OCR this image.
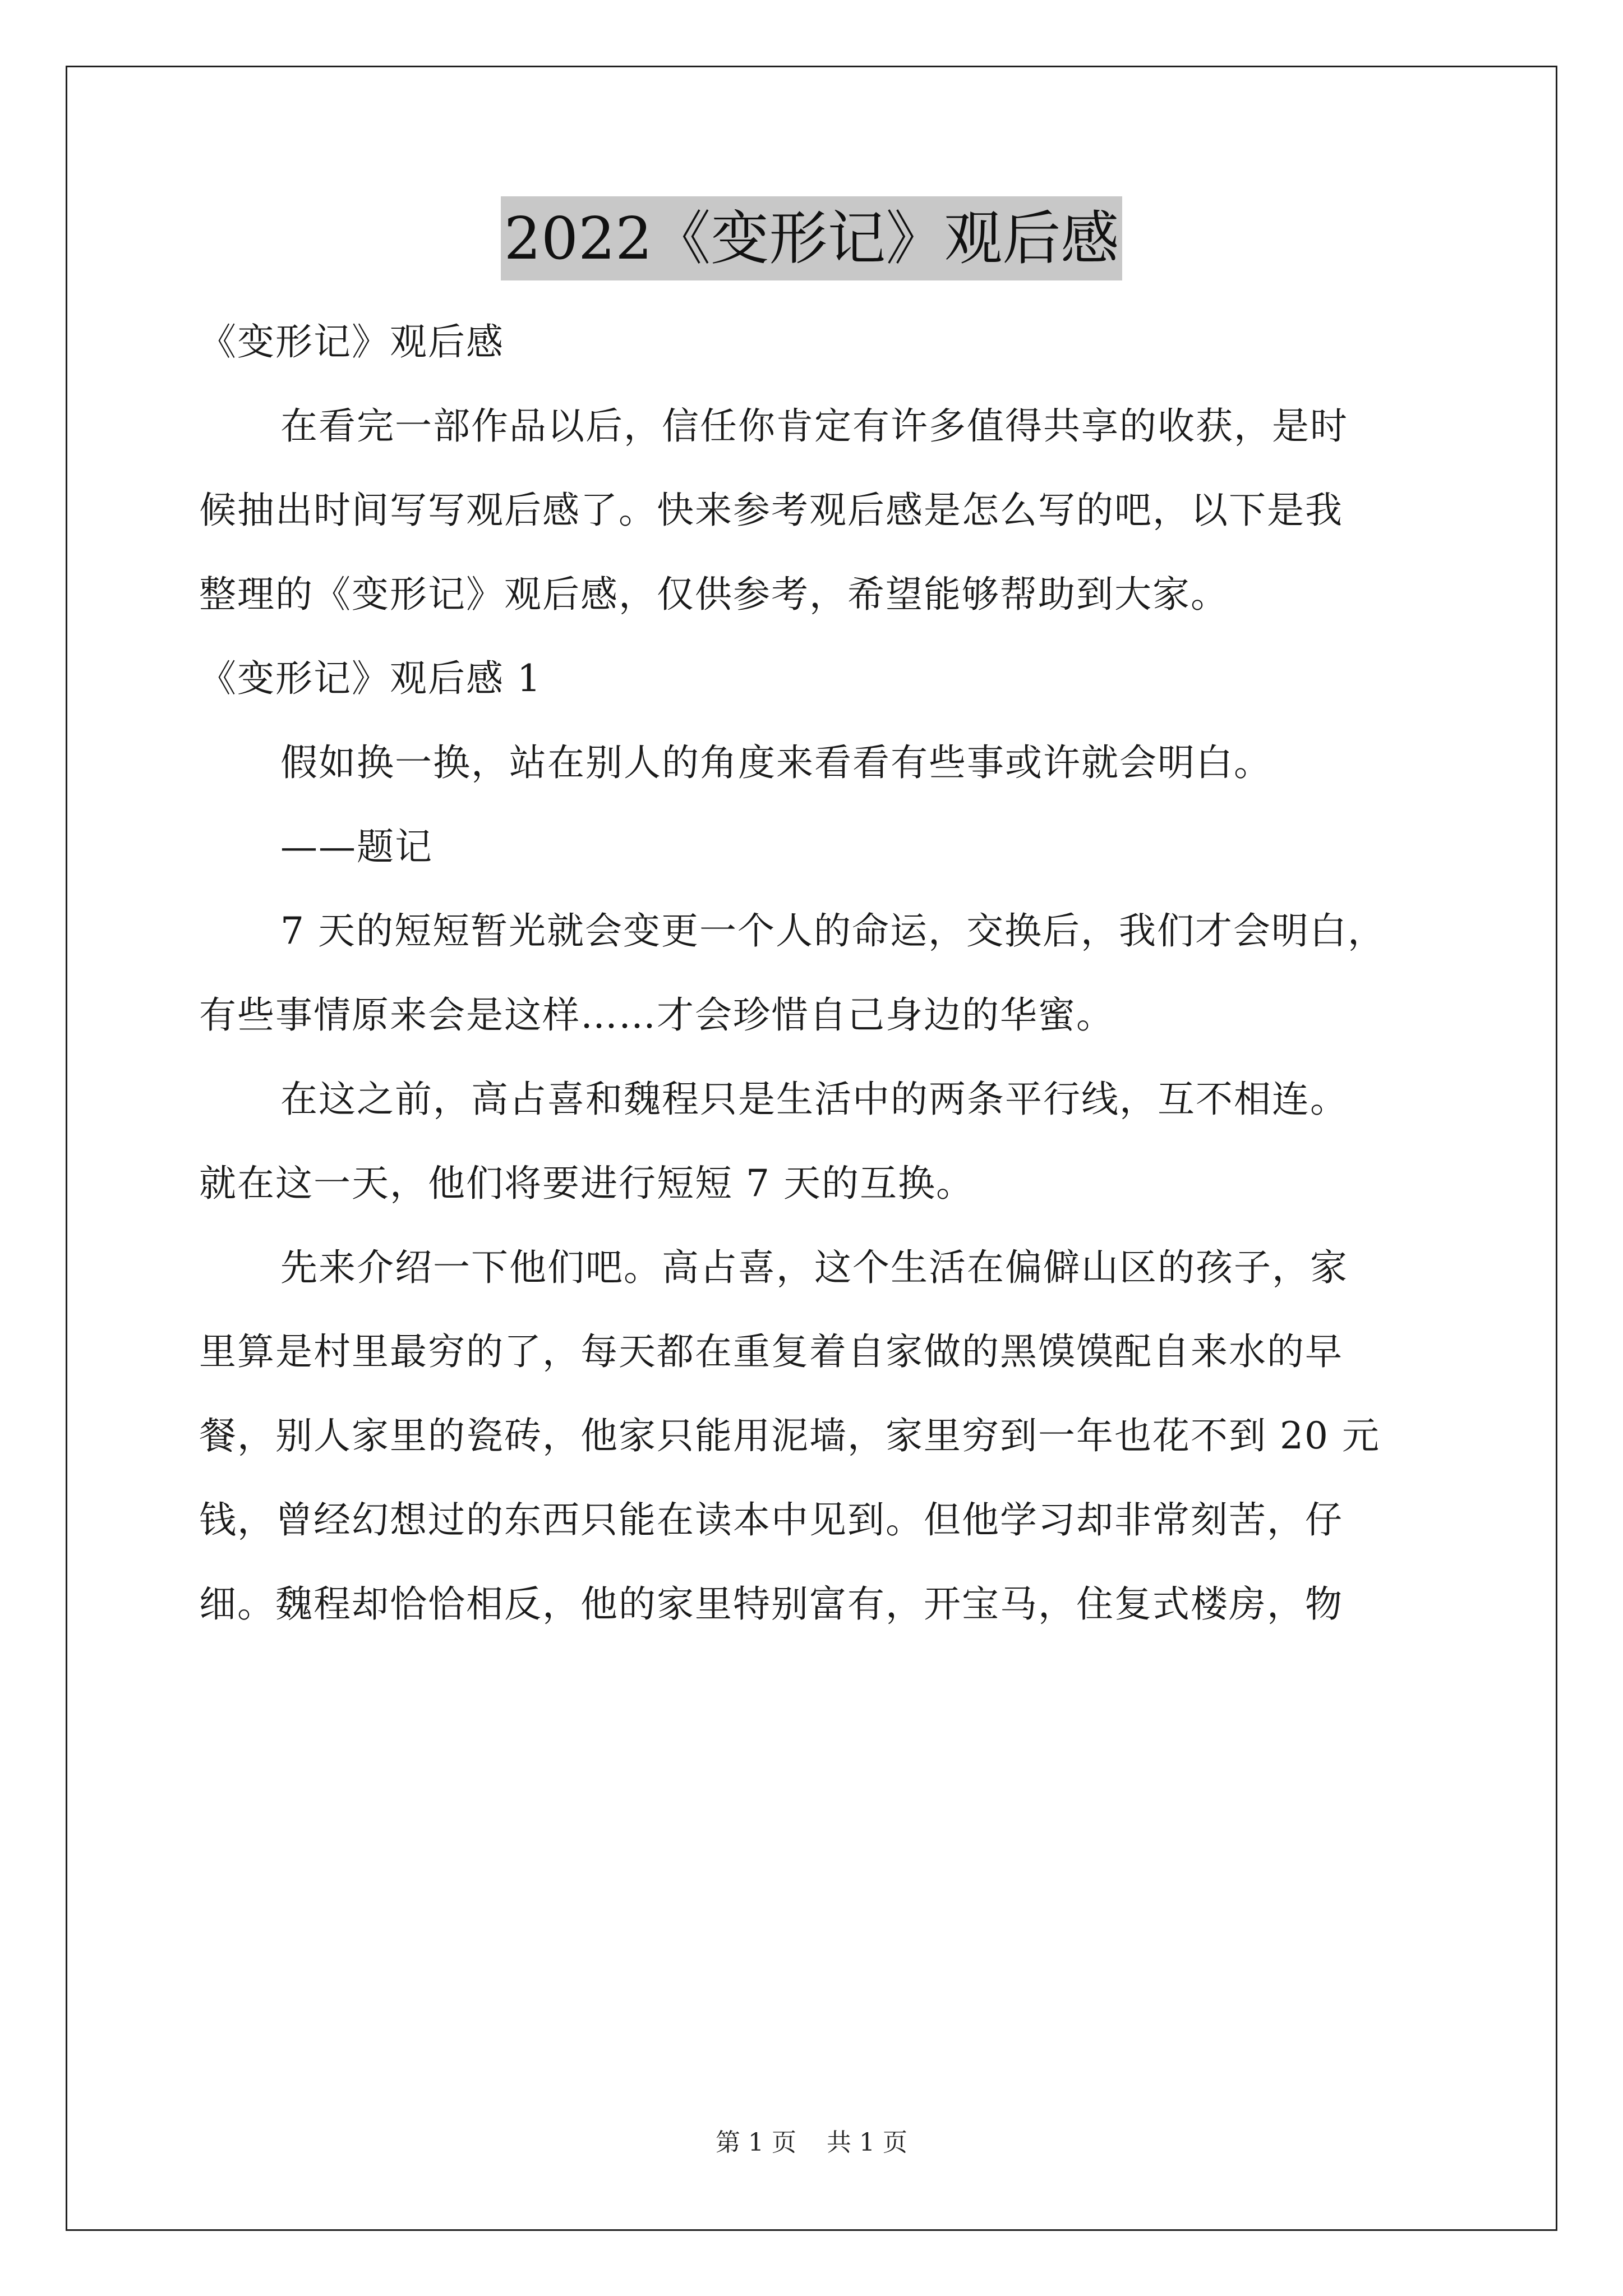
2022《变形记》观后感
《变形记》观后感
在看完一部作品以后，信任你肯定有许多值得共享的收获，是时
候抽出时间写写观后感了。快来参考观后感是怎么写的吧，以下是我
整理的《变形记》观后感，仅供参考，希望能够帮助到大家。
《变形记》观后感 1
假如换一换，站在别人的角度来看看有些事或许就会明白。
——题记
7 天的短短暂光就会变更一个人的命运，交换后，我们才会明白，
有些事情原来会是这样……才会珍惜自己身边的华蜜。
在这之前，高占喜和魏程只是生活中的两条平行线，互不相连。
就在这一天，他们将要进行短短 7 天的互换。
先来介绍一下他们吧。高占喜，这个生活在偏僻山区的孩子，家
里算是村里最穷的了，每天都在重复着自家做的黑馍馍配自来水的早
餐，别人家里的瓷砖，他家只能用泥墙，家里穷到一年也花不到 20 元
钱，曾经幻想过的东西只能在读本中见到。但他学习却非常刻苦，仔
细。魏程却恰恰相反，他的家里特别富有，开宝马，住复式楼房，物
第 1 页 共 1 页
